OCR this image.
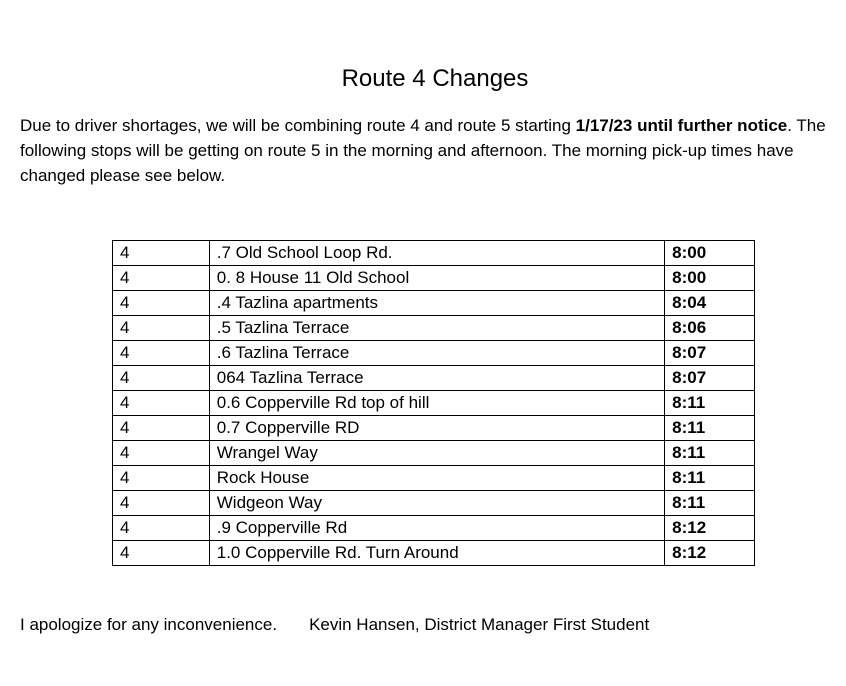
Route 4 Changes
Due to driver shortages, we will be combining route 4 and route 5 starting 1/17/23 until further notice. The following stops will be getting on route 5 in the morning and afternoon. The morning pick-up times have changed please see below.
4	.7 Old School Loop Rd.	8:00
4	0. 8 House 11 Old School	8:00
4	.4 Tazlina apartments	8:04
4	.5 Tazlina Terrace	8:06
4	.6 Tazlina Terrace	8:07
4	064 Tazlina Terrace	8:07
4	0.6 Copperville Rd top of hill	8:11
4	0.7 Copperville RD	8:11
4	Wrangel Way	8:11
4	Rock House	8:11
4	Widgeon Way	8:11
4	.9 Copperville Rd	8:12
4	1.0 Copperville Rd. Turn Around	8:12
I apologize for any inconvenience. Kevin Hansen, District Manager First Student
